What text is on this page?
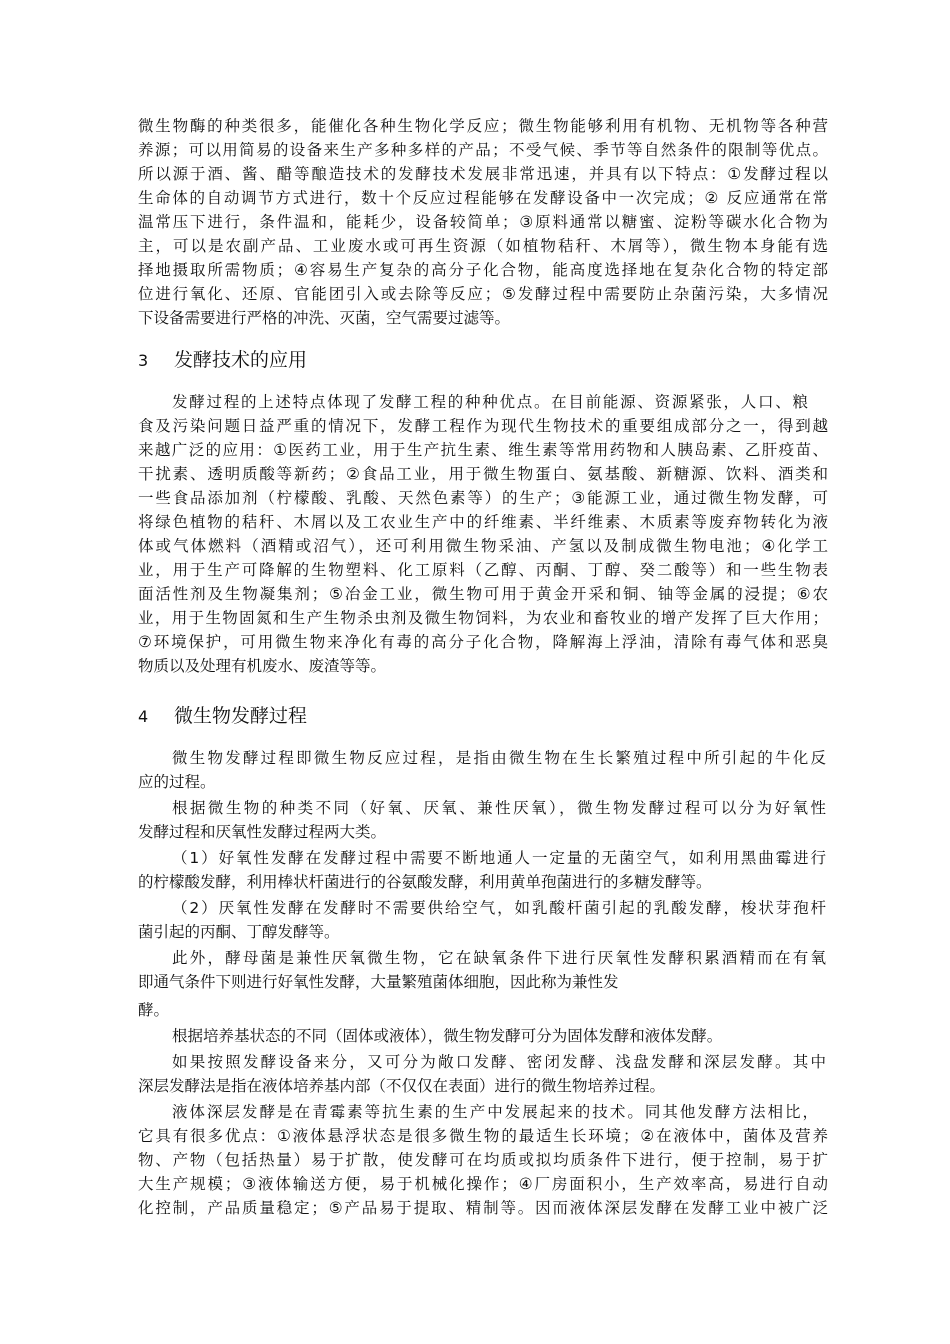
微生物酶的种类很多，能催化各种生物化学反应；微生物能够利用有机物、无机物等各种营
养源；可以用简易的设备来生产多种多样的产品；不受气候、季节等自然条件的限制等优点。
所以源于酒、酱、醋等酿造技术的发酵技术发展非常迅速，并具有以下特点：①发酵过程以
生命体的自动调节方式进行，数十个反应过程能够在发酵设备中一次完成；② 反应通常在常
温常压下进行，条件温和，能耗少，设备较简单；③原料通常以糖蜜、淀粉等碳水化合物为
主，可以是农副产品、工业废水或可再生资源（如植物秸秆、木屑等），微生物本身能有选
择地摄取所需物质；④容易生产复杂的高分子化合物，能高度选择地在复杂化合物的特定部
位进行氧化、还原、官能团引入或去除等反应；⑤发酵过程中需要防止杂菌污染，大多情况
下设备需要进行严格的冲洗、灭菌，空气需要过滤等。
3 发酵技术的应用
发酵过程的上述特点体现了发酵工程的种种优点。在目前能源、资源紧张，人口、粮
食及污染问题日益严重的情况下，发酵工程作为现代生物技术的重要组成部分之一，得到越
来越广泛的应用：①医药工业，用于生产抗生素、维生素等常用药物和人胰岛素、乙肝疫苗、
干扰素、透明质酸等新药；②食品工业，用于微生物蛋白、氨基酸、新糖源、饮料、酒类和
一些食品添加剂（柠檬酸、乳酸、天然色素等）的生产；③能源工业，通过微生物发酵，可
将绿色植物的秸秆、木屑以及工农业生产中的纤维素、半纤维素、木质素等废弃物转化为液
体或气体燃料（酒精或沼气），还可利用微生物采油、产氢以及制成微生物电池；④化学工
业，用于生产可降解的生物塑料、化工原料（乙醇、丙酮、丁醇、癸二酸等）和一些生物表
面活性剂及生物凝集剂；⑤冶金工业，微生物可用于黄金开采和铜、铀等金属的浸提；⑥农
业，用于生物固氮和生产生物杀虫剂及微生物饲料，为农业和畜牧业的增产发挥了巨大作用；
⑦环境保护，可用微生物来净化有毒的高分子化合物，降解海上浮油，清除有毒气体和恶臭
物质以及处理有机废水、废渣等等。
4 微生物发酵过程
微生物发酵过程即微生物反应过程，是指由微生物在生长繁殖过程中所引起的牛化反
应的过程。
根据微生物的种类不同（好氧、厌氧、兼性厌氧），微生物发酵过程可以分为好氧性
发酵过程和厌氧性发酵过程两大类。
（1）好氧性发酵在发酵过程中需要不断地通人一定量的无菌空气，如利用黑曲霉进行
的柠檬酸发酵，利用棒状杆菌进行的谷氨酸发酵，利用黄单孢菌进行的多糖发酵等。
（2）厌氧性发酵在发酵时不需要供给空气，如乳酸杆菌引起的乳酸发酵，梭状芽孢杆
菌引起的丙酮、丁醇发酵等。
此外，酵母菌是兼性厌氧微生物，它在缺氧条件下进行厌氧性发酵积累酒精而在有氧
即通气条件下则进行好氧性发酵，大量繁殖菌体细胞，因此称为兼性发
酵。
根据培养基状态的不同（固体或液体），微生物发酵可分为固体发酵和液体发酵。
如果按照发酵设备来分，又可分为敞口发酵、密闭发酵、浅盘发酵和深层发酵。其中
深层发酵法是指在液体培养基内部（不仅仅在表面）进行的微生物培养过程。
液体深层发酵是在青霉素等抗生素的生产中发展起来的技术。同其他发酵方法相比，
它具有很多优点：①液体悬浮状态是很多微生物的最适生长环境；②在液体中，菌体及营养
物、产物（包括热量）易于扩散，使发酵可在均质或拟均质条件下进行，便于控制，易于扩
大生产规模；③液体输送方便，易于机械化操作；④厂房面积小，生产效率高，易进行自动
化控制，产品质量稳定；⑤产品易于提取、精制等。因而液体深层发酵在发酵工业中被广泛
